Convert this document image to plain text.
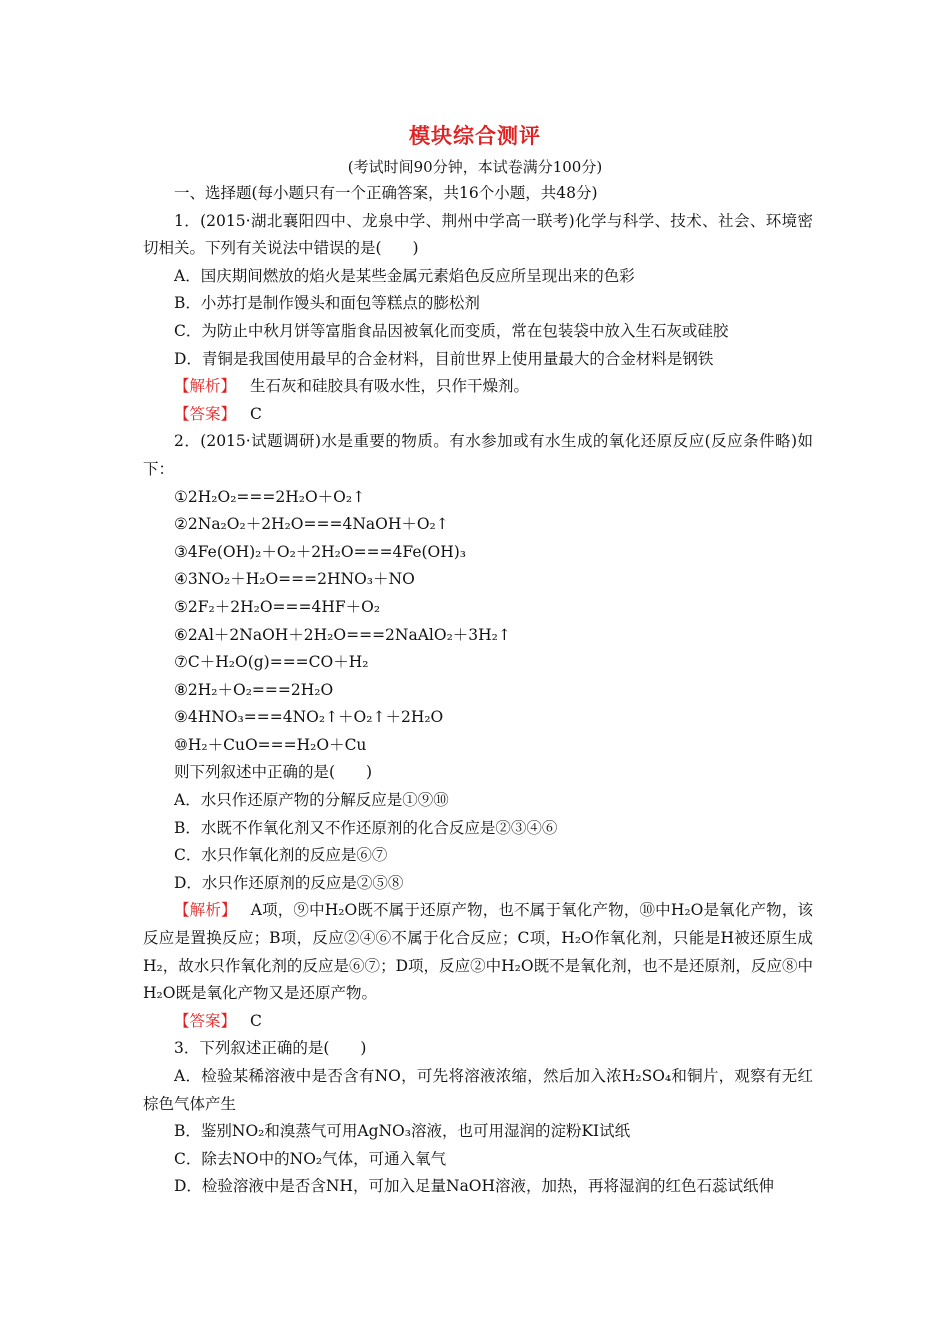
模块综合测评
(考试时间90分钟，本试卷满分100分)

一、选择题(每小题只有一个正确答案，共16个小题，共48分)

1．(2015·湖北襄阳四中、龙泉中学、荆州中学高一联考)化学与科学、技术、社会、环境密切相关。下列有关说法中错误的是(　　)

A．国庆期间燃放的焰火是某些金属元素焰色反应所呈现出来的色彩

B．小苏打是制作馒头和面包等糕点的膨松剂

C．为防止中秋月饼等富脂食品因被氧化而变质，常在包装袋中放入生石灰或硅胶

D．青铜是我国使用最早的合金材料，目前世界上使用量最大的合金材料是钢铁

【解析】 生石灰和硅胶具有吸水性，只作干燥剂。

【答案】 C

2．(2015·试题调研)水是重要的物质。有水参加或有水生成的氧化还原反应(反应条件略)如下：

①2H₂O₂===2H₂O＋O₂↑

②2Na₂O₂＋2H₂O===4NaOH＋O₂↑

③4Fe(OH)₂＋O₂＋2H₂O===4Fe(OH)₃

④3NO₂＋H₂O===2HNO₃＋NO

⑤2F₂＋2H₂O===4HF＋O₂

⑥2Al＋2NaOH＋2H₂O===2NaAlO₂＋3H₂↑

⑦C＋H₂O(g)===CO＋H₂

⑧2H₂＋O₂===2H₂O

⑨4HNO₃===4NO₂↑＋O₂↑＋2H₂O

⑩H₂＋CuO===H₂O＋Cu

则下列叙述中正确的是(　　)

A．水只作还原产物的分解反应是①⑨⑩

B．水既不作氧化剂又不作还原剂的化合反应是②③④⑥

C．水只作氧化剂的反应是⑥⑦

D．水只作还原剂的反应是②⑤⑧

【解析】 A项，⑨中H₂O既不属于还原产物，也不属于氧化产物，⑩中H₂O是氧化产物，该反应是置换反应；B项，反应②④⑥不属于化合反应；C项，H₂O作氧化剂，只能是H被还原生成H₂，故水只作氧化剂的反应是⑥⑦；D项，反应②中H₂O既不是氧化剂，也不是还原剂，反应⑧中H₂O既是氧化产物又是还原产物。

【答案】 C

3．下列叙述正确的是(　　)

A．检验某稀溶液中是否含有NO，可先将溶液浓缩，然后加入浓H₂SO₄和铜片，观察有无红棕色气体产生

B．鉴别NO₂和溴蒸气可用AgNO₃溶液，也可用湿润的淀粉KI试纸

C．除去NO中的NO₂气体，可通入氧气

D．检验溶液中是否含NH，可加入足量NaOH溶液，加热，再将湿润的红色石蕊试纸伸
